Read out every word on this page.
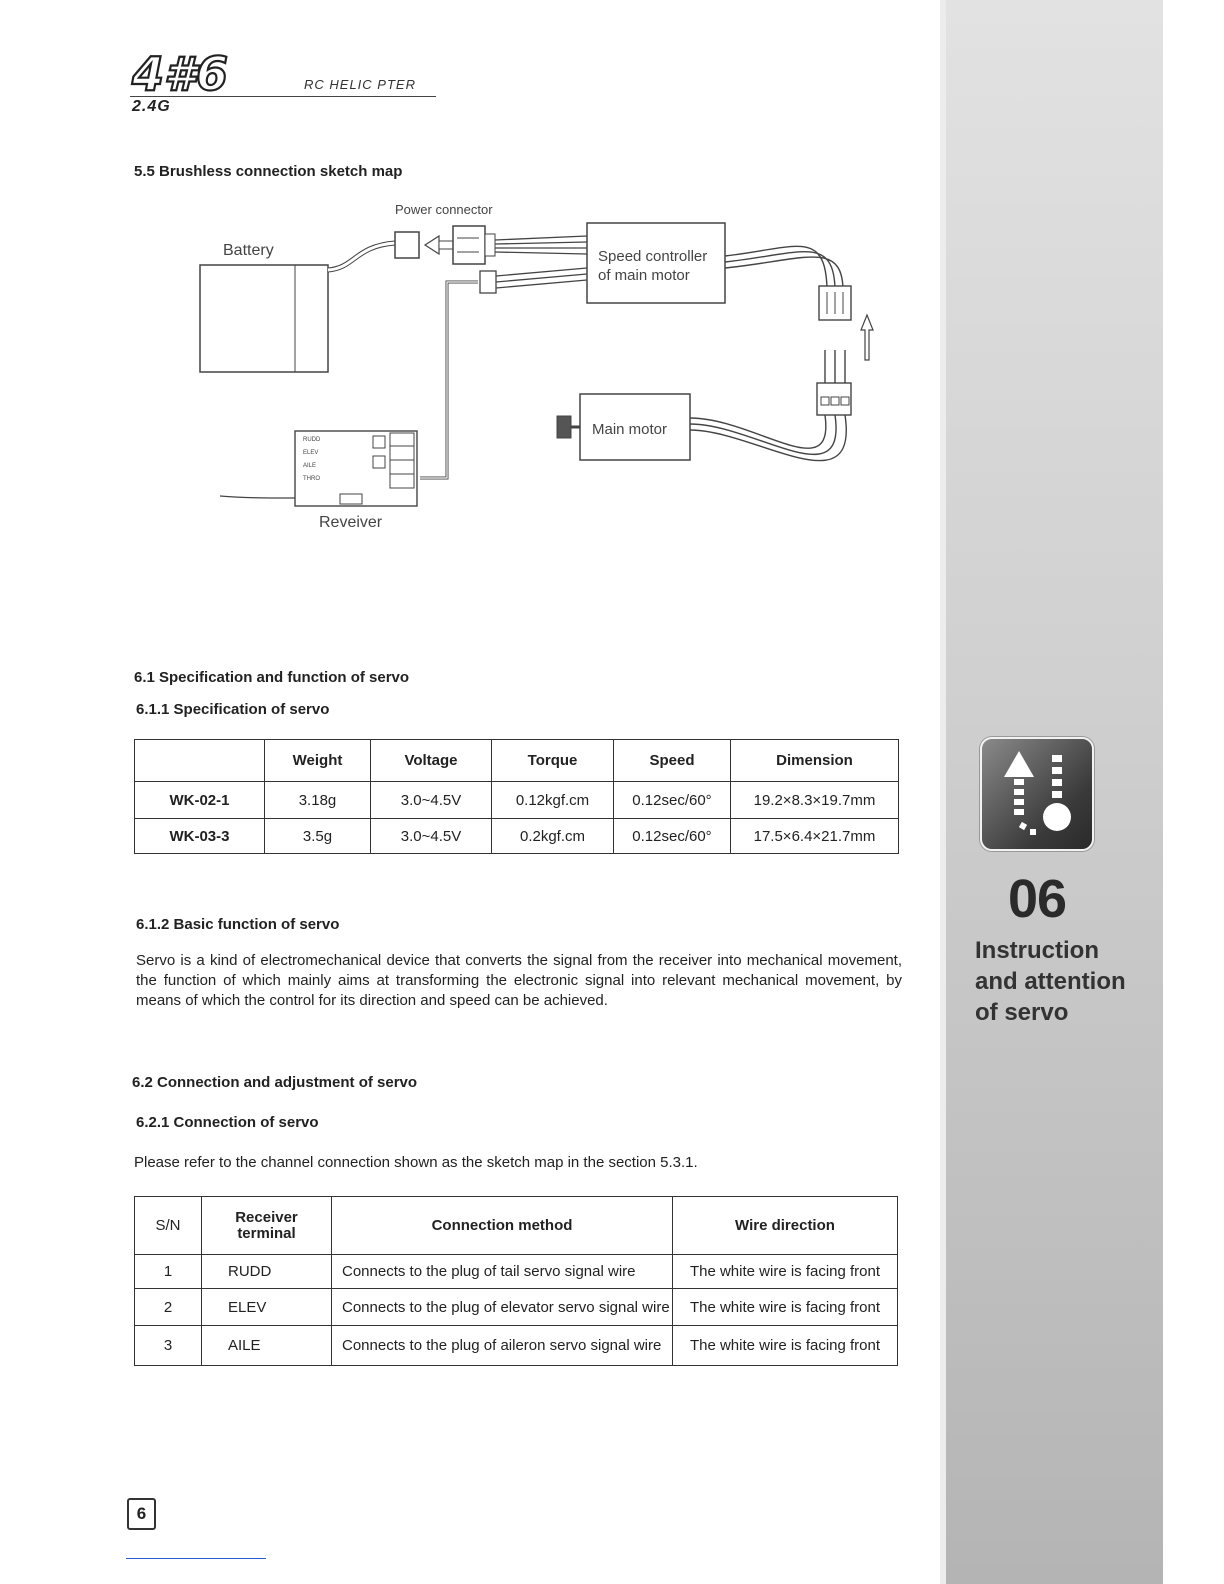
4#6	RC HELIC PTER
2.4G
5.5 Brushless connection sketch map
Battery
Power connector
Speed controller
of main motor
Main motor
RUDD
ELEV
AILE
THRO
Reveiver
6.1 Specification and function of servo
6.1.1 Specification of servo
	Weight	Voltage	Torque	Speed	Dimension
WK-02-1	3.18g	3.0~4.5V	0.12kgf.cm	0.12sec/60°	19.2×8.3×19.7mm
WK-03-3	3.5g	3.0~4.5V	0.2kgf.cm	0.12sec/60°	17.5×6.4×21.7mm
6.1.2 Basic function of servo
Servo is a kind of electromechanical device that converts the signal from the receiver into mechanical movement, the function of which mainly aims at transforming the electronic signal into relevant mechanical movement, by means of which the control for its direction and speed can be achieved.
6.2 Connection and adjustment of servo
6.2.1 Connection of servo
Please refer to the channel connection shown as the sketch map in the section 5.3.1.
S/N	Receiver terminal	Connection method	Wire direction
1	RUDD	Connects to the plug of tail servo signal wire	The white wire is facing front
2	ELEV	Connects to the plug of elevator servo signal wire	The white wire is facing front
3	AILE	Connects to the plug of aileron servo signal wire	The white wire is facing front
06
Instruction and attention of servo
6
